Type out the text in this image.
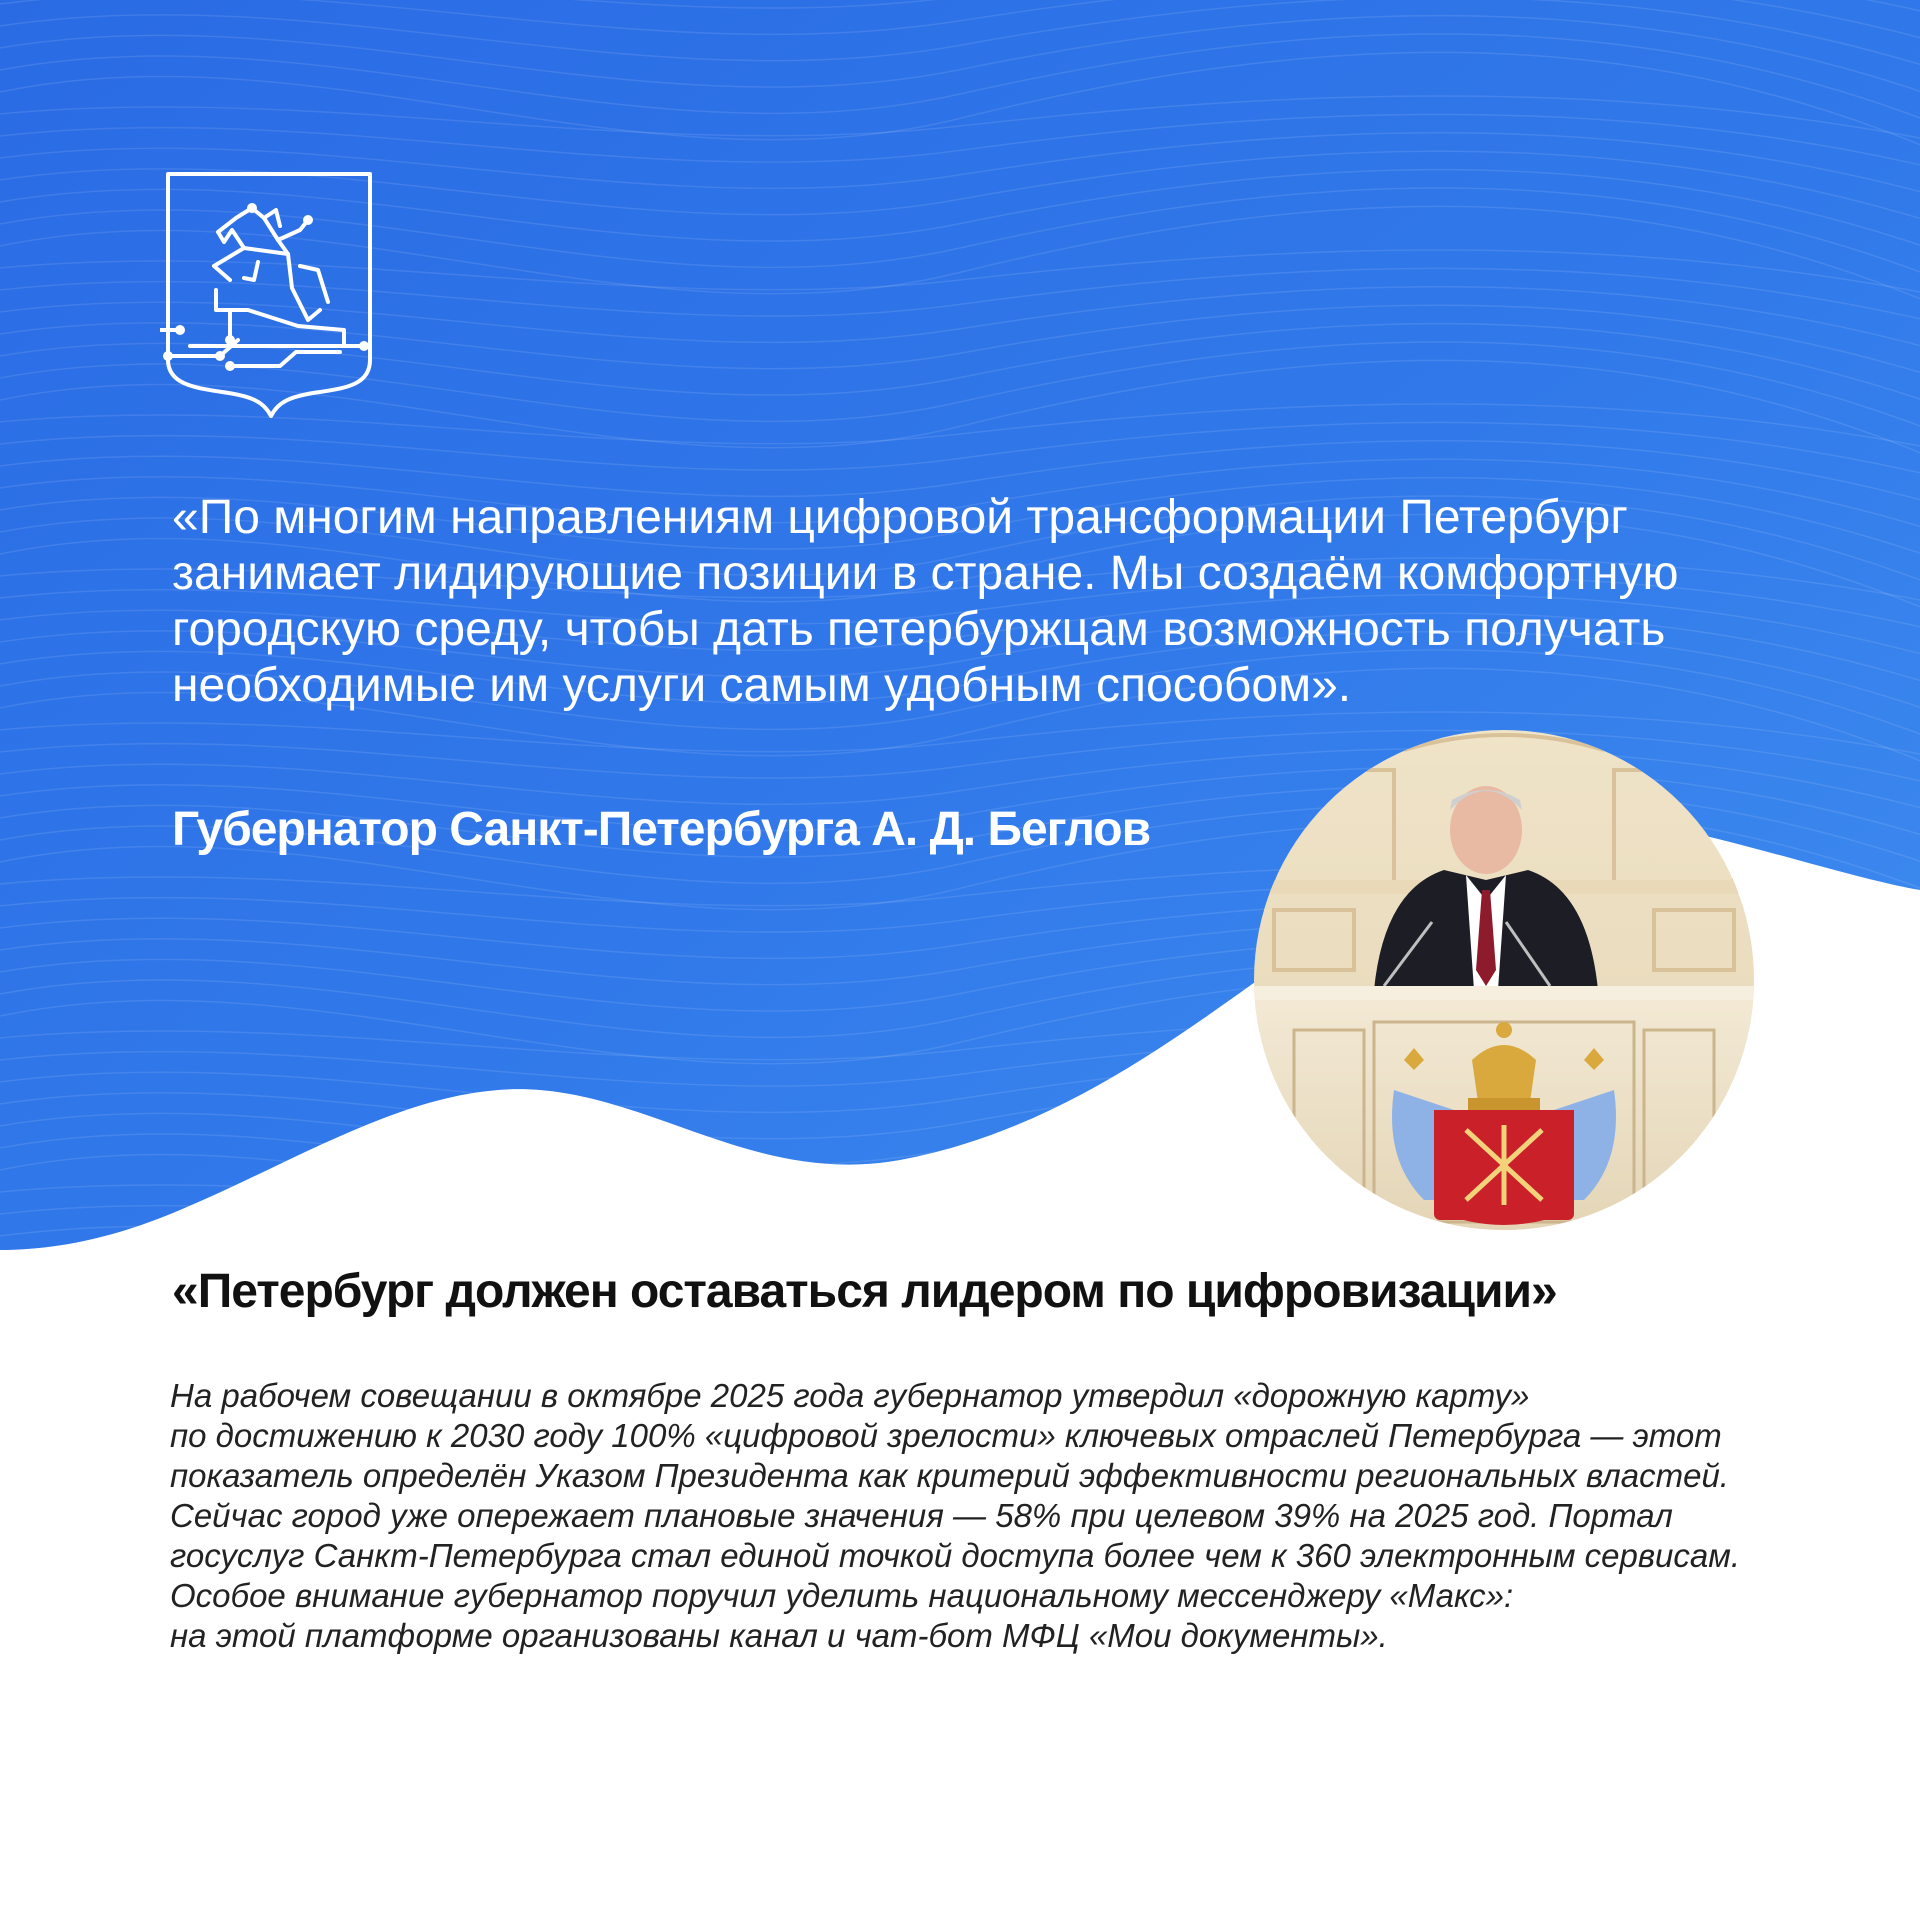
«По многим направлениям цифровой трансформации Петербург
занимает лидирующие позиции в стране. Мы создаём комфортную
городскую среду, чтобы дать петербуржцам возможность получать
необходимые им услуги самым удобным способом».

Губернатор Санкт-Петербурга А. Д. Беглов

«Петербург должен оставаться лидером по цифровизации»

На рабочем совещании в октябре 2025 года губернатор утвердил «дорожную карту»
по достижению к 2030 году 100% «цифровой зрелости» ключевых отраслей Петербурга — этот
показатель определён Указом Президента как критерий эффективности региональных властей.
Сейчас город уже опережает плановые значения — 58% при целевом 39% на 2025 год. Портал
госуслуг Санкт-Петербурга стал единой точкой доступа более чем к 360 электронным сервисам.
Особое внимание губернатор поручил уделить национальному мессенджеру «Макс»:
на этой платформе организованы канал и чат-бот МФЦ «Мои документы».
